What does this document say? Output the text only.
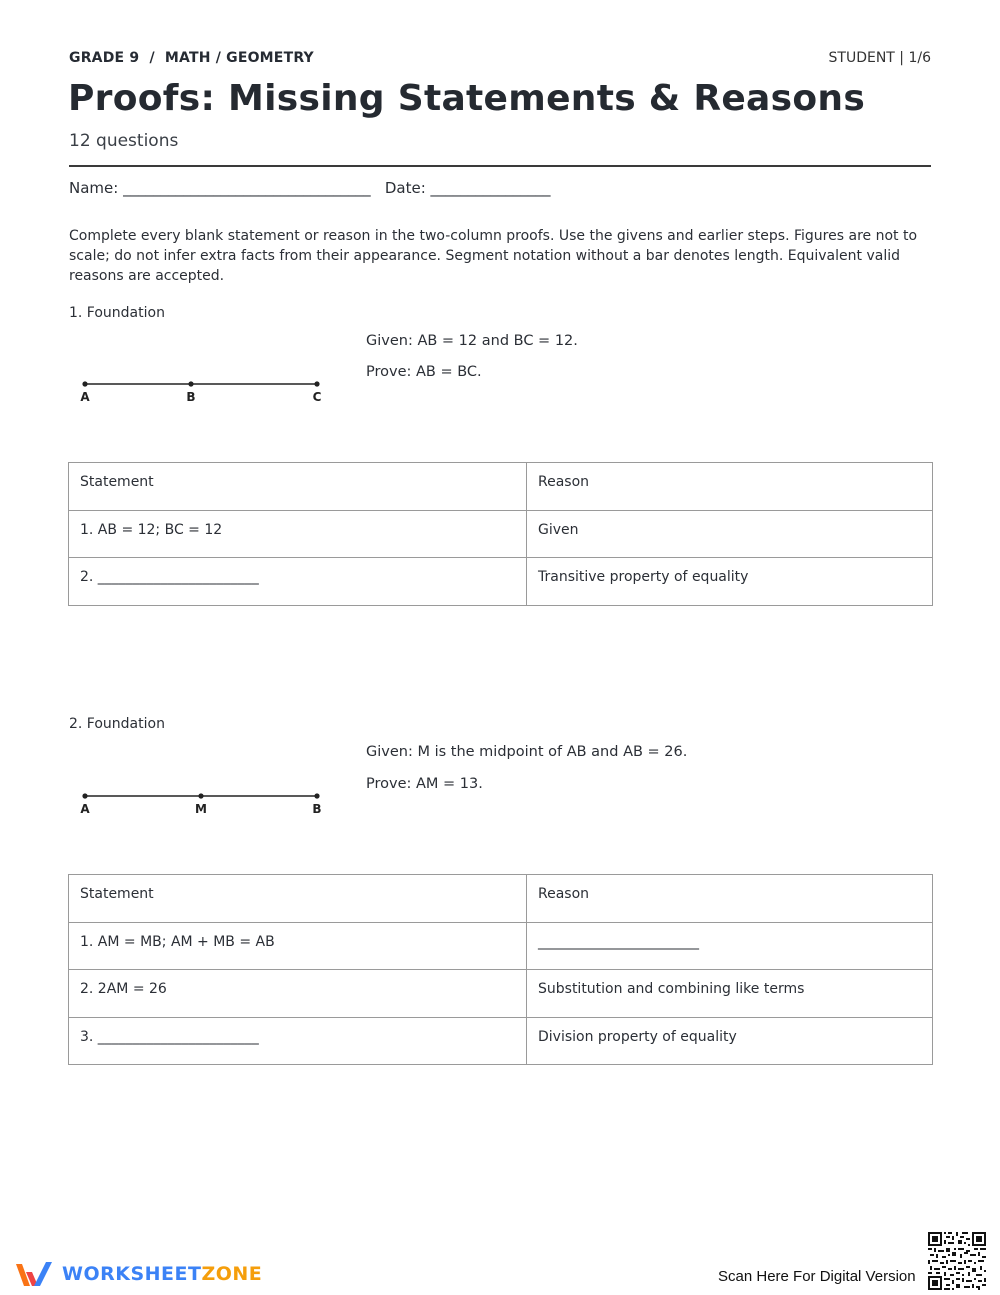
GRADE 9  /  MATH / GEOMETRY	STUDENT | 1/6
Proofs: Missing Statements & Reasons
12 questions
Name: _________________________________   Date: ________________
Complete every blank statement or reason in the two-column proofs. Use the givens and earlier steps. Figures are not to scale; do not infer extra facts from their appearance. Segment notation without a bar denotes length. Equivalent valid reasons are accepted.
1. Foundation
A	B	C
Given: AB = 12 and BC = 12.
Prove: AB = BC.
Statement	Reason
1. AB = 12; BC = 12	Given
2. _______________________	Transitive property of equality
2. Foundation
A	M	B
Given: M is the midpoint of AB and AB = 26.
Prove: AM = 13.
Statement	Reason
1. AM = MB; AM + MB = AB	_______________________
2. 2AM = 26	Substitution and combining like terms
3. _______________________	Division property of equality
WORKSHEETZONE	Scan Here For Digital Version
